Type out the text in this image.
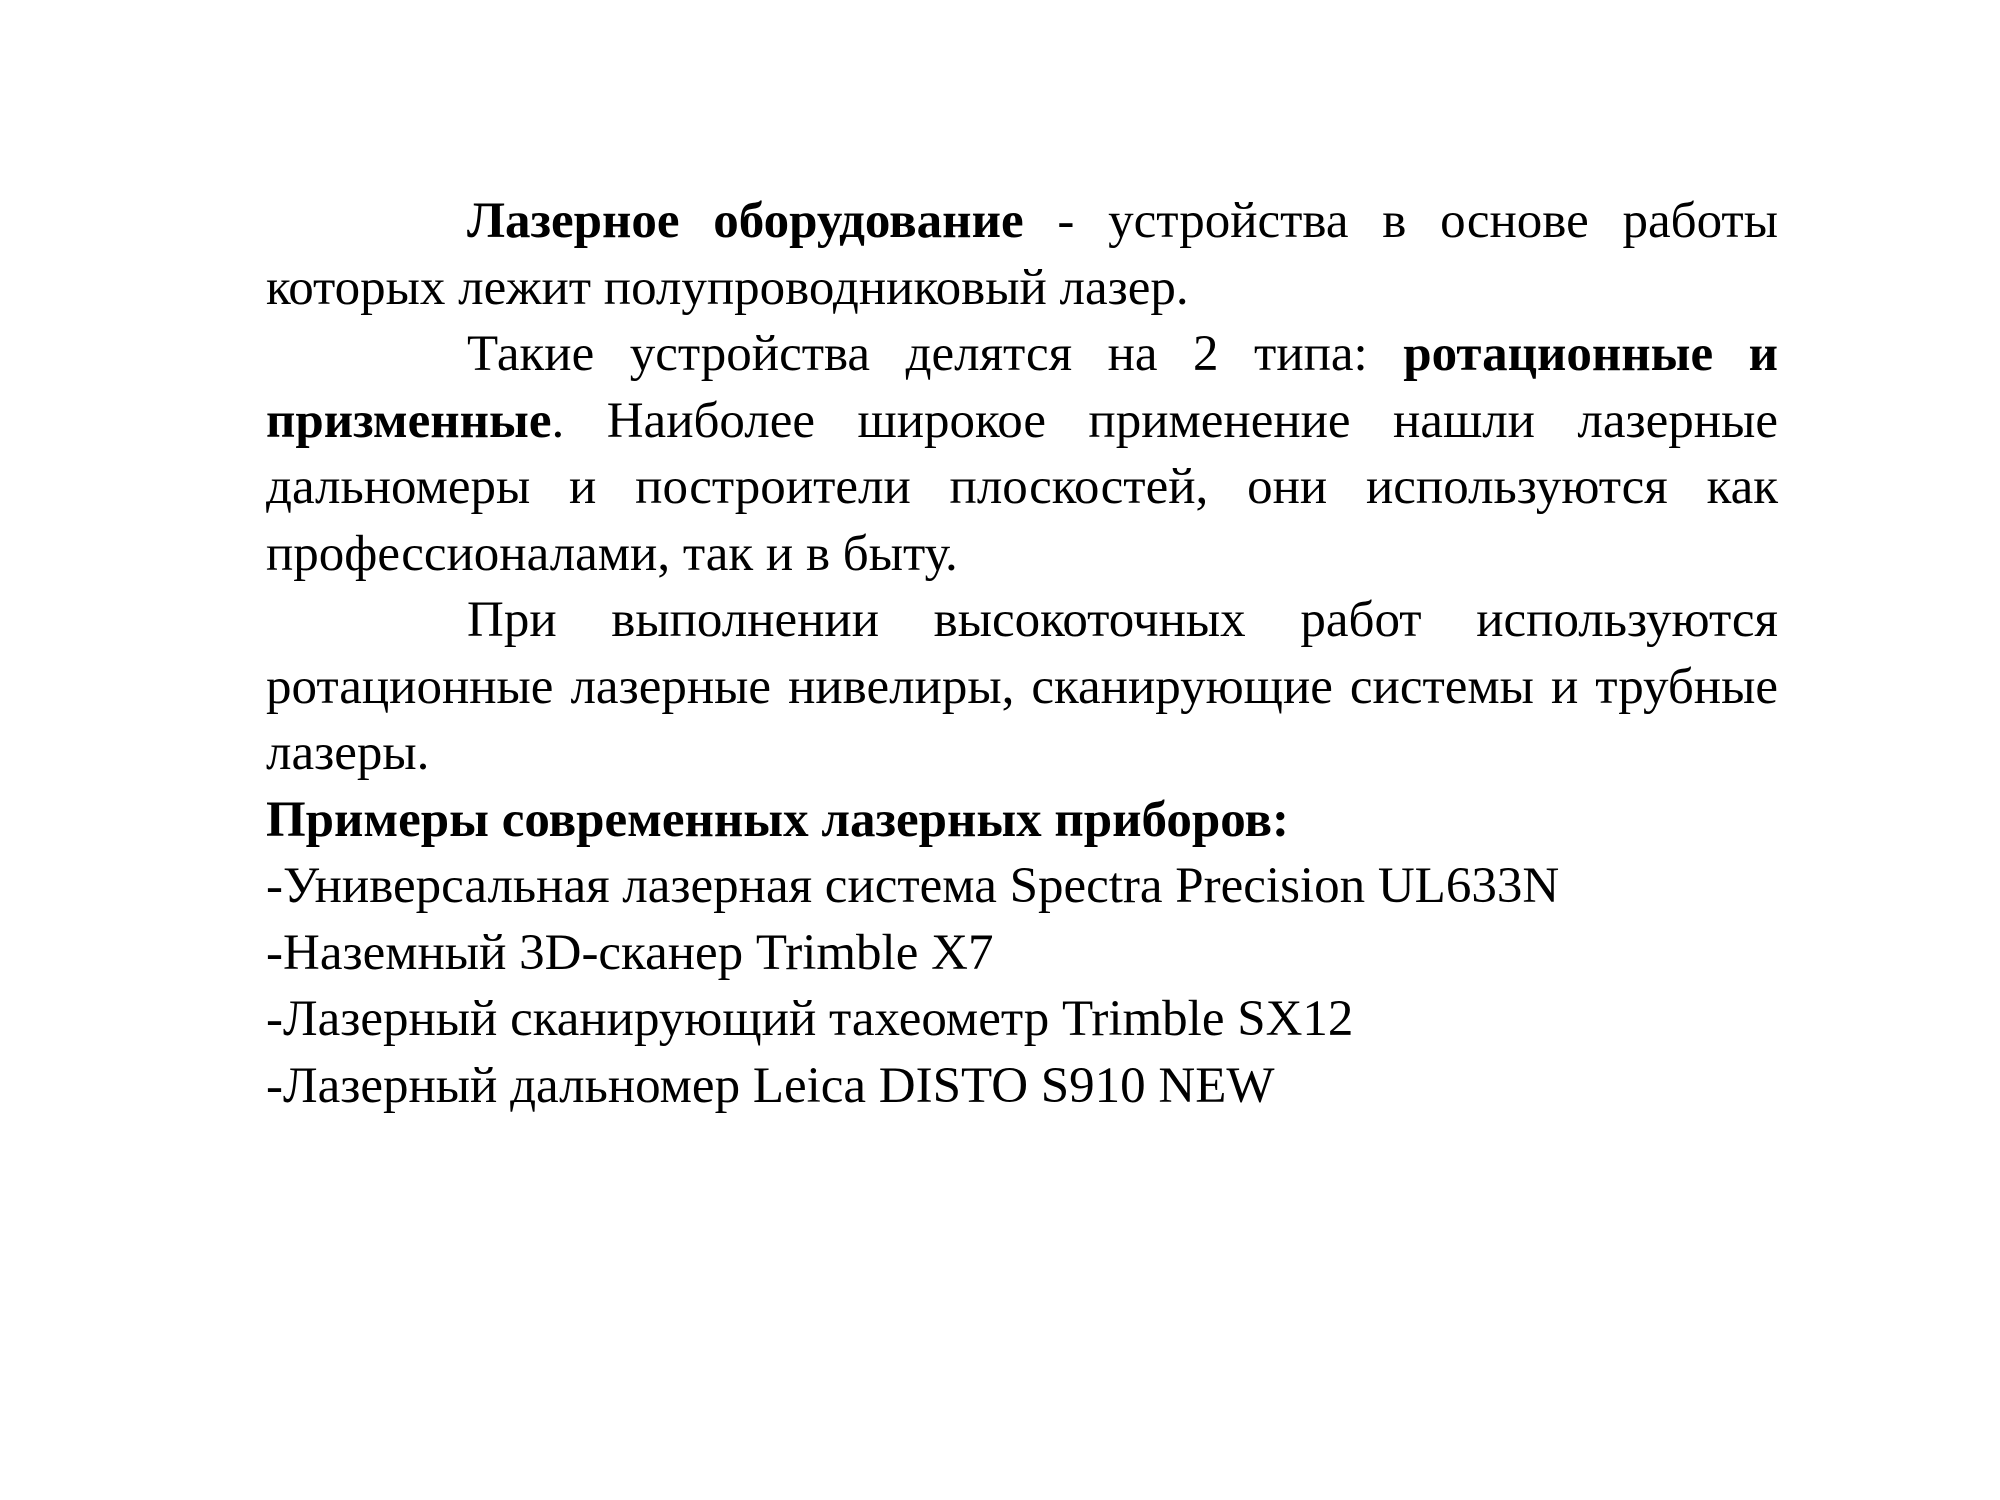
Лазерное оборудование - устройства в основе работы которых лежит полупроводниковый лазер.

Такие устройства делятся на 2 типа: ротационные и призменные. Наиболее широкое применение нашли лазерные дальномеры и построители плоскостей, они используются как профессионалами, так и в быту.

При выполнении высокоточных работ используются ротационные лазерные нивелиры, сканирующие системы и трубные лазеры.

Примеры современных лазерных приборов:

-Универсальная лазерная система Spectra Precision UL633N
-Наземный 3D-сканер Trimble X7
-Лазерный сканирующий тахеометр Trimble SX12
-Лазерный дальномер Leica DISTO S910 NEW
